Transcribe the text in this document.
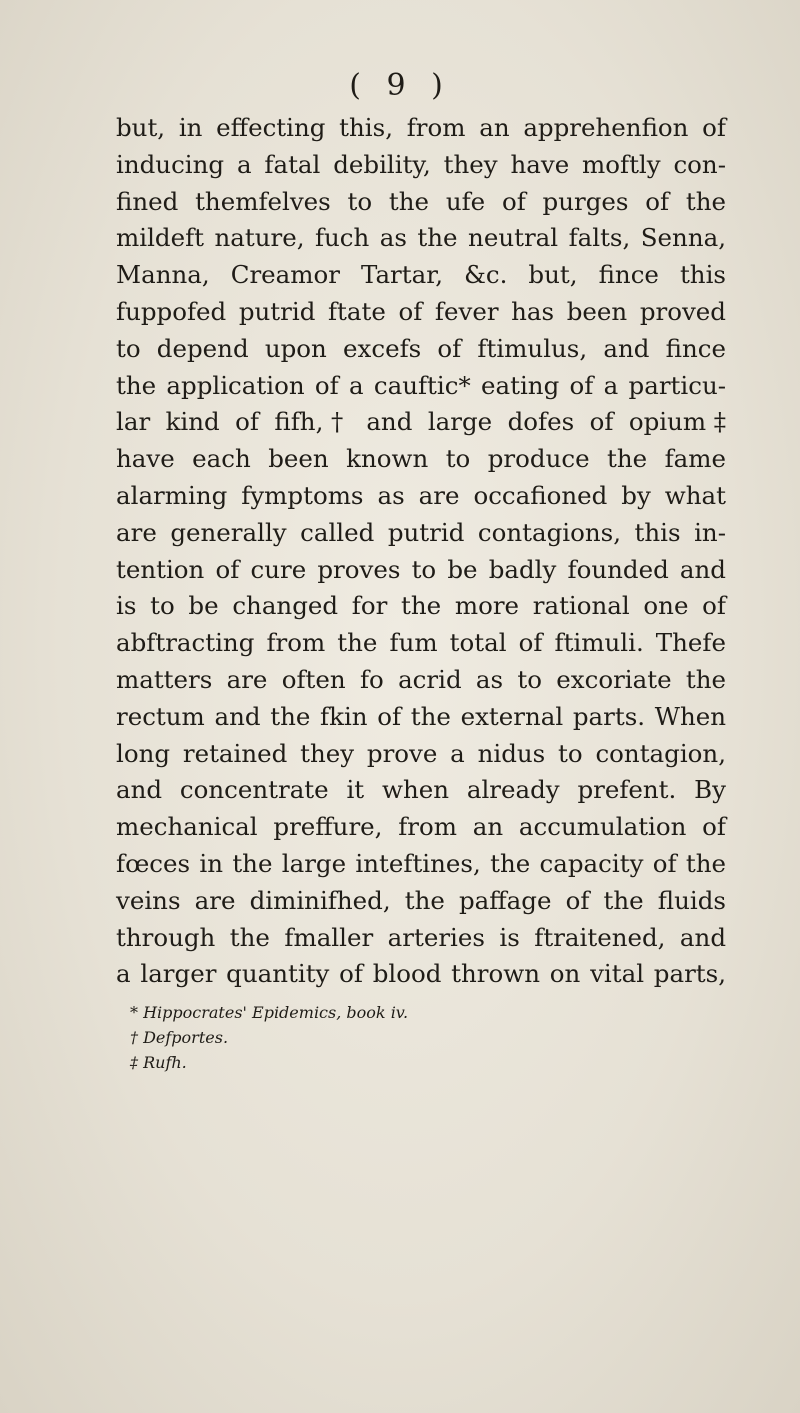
( 9 )
but, in effecting this, from an apprehenfion of
inducing a fatal debility, they have moftly con-
fined themfelves to the ufe of purges of the
mildeft nature, fuch as the neutral falts, Senna,
Manna, Creamor Tartar, &c. but, fince this
fuppofed putrid ftate of fever has been proved
to depend upon excefs of ftimulus, and fince
the application of a cauftic* eating of a particu-
lar kind of fifh,† and large dofes of opium‡
have each been known to produce the fame
alarming fymptoms as are occafioned by what
are generally called putrid contagions, this in-
tention of cure proves to be badly founded and
is to be changed for the more rational one of
abftracting from the fum total of ftimuli. Thefe
matters are often fo acrid as to excoriate the
rectum and the fkin of the external parts. When
long retained they prove a nidus to contagion,
and concentrate it when already prefent. By
mechanical preffure, from an accumulation of
fœces in the large inteftines, the capacity of the
veins are diminifhed, the paffage of the fluids
through the fmaller arteries is ftraitened, and
a larger quantity of blood thrown on vital parts,
* Hippocrates' Epidemics, book iv.
† Defportes.
‡ Rufh.
